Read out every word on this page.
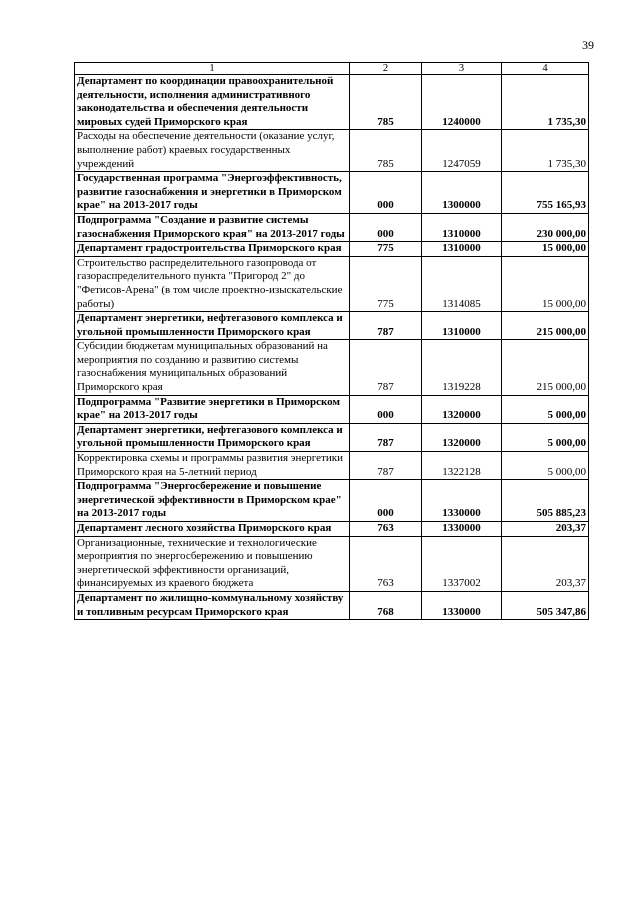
39
1	2	3	4
Департамент по координации правоохранительной деятельности, исполнения административного законодательства и обеспечения деятельности мировых судей Приморского края	785	1240000	1 735,30
Расходы на обеспечение деятельности (оказание услуг, выполнение работ) краевых государственных учреждений	785	1247059	1 735,30
Государственная программа "Энергоэффективность, развитие газоснабжения и энергетики в Приморском крае" на 2013-2017 годы	000	1300000	755 165,93
Подпрограмма "Создание и развитие системы газоснабжения Приморского края" на 2013-2017 годы	000	1310000	230 000,00
Департамент градостроительства Приморского края	775	1310000	15 000,00
Строительство распределительного газопровода от газораспределительного пункта "Пригород 2" до "Фетисов-Арена" (в том числе проектно-изыскательские работы)	775	1314085	15 000,00
Департамент энергетики, нефтегазового комплекса и угольной промышленности Приморского края	787	1310000	215 000,00
Субсидии бюджетам муниципальных образований на мероприятия по созданию и развитию системы газоснабжения муниципальных образований Приморского края	787	1319228	215 000,00
Подпрограмма "Развитие энергетики в Приморском крае" на 2013-2017 годы	000	1320000	5 000,00
Департамент энергетики, нефтегазового комплекса и угольной промышленности Приморского края	787	1320000	5 000,00
Корректировка схемы и программы развития энергетики Приморского края на 5-летний период	787	1322128	5 000,00
Подпрограмма "Энергосбережение и повышение энергетической эффективности в Приморском крае" на 2013-2017 годы	000	1330000	505 885,23
Департамент лесного хозяйства Приморского края	763	1330000	203,37
Организационные, технические и технологические мероприятия по энергосбережению и повышению энергетической эффективности организаций, финансируемых из краевого бюджета	763	1337002	203,37
Департамент по жилищно-коммунальному хозяйству и топливным ресурсам Приморского края	768	1330000	505 347,86
